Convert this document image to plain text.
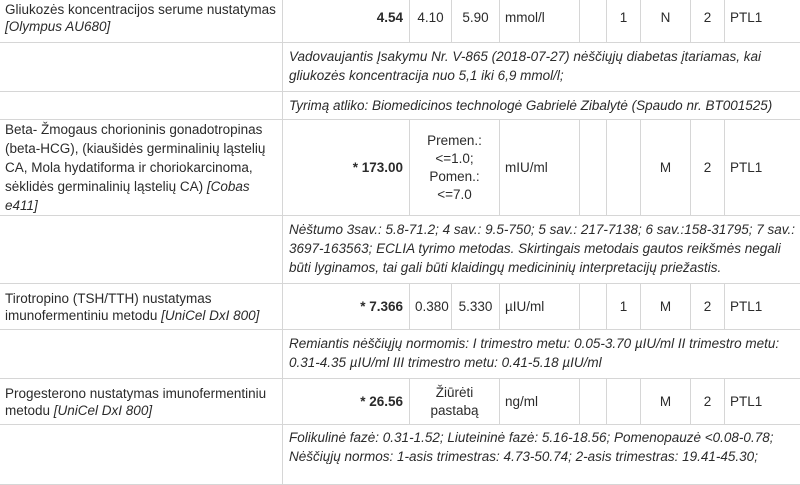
Gliukozės koncentracijos serume nustatymas [Olympus AU680]	4.54	4.10	5.90	mmol/l		1	N	2	PTL1
	Vadovaujantis Įsakymu Nr. V-865 (2018-07-27) nėščiųjų diabetas įtariamas, kai gliukozės koncentracija nuo 5,1 iki 6,9 mmol/l;								
	Tyrimą atliko: Biomedicinos technologė Gabrielė Zibalytė (Spaudo nr. BT001525)								
Beta- Žmogaus chorioninis gonadotropinas (beta-HCG), (kiaušidės germinalinių ląstelių CA, Mola hydatiforma ir choriokarcinoma, sėklidės germinalinių ląstelių CA) [Cobas e411]	* 173.00	Premen.:
<=1.0;
Pomen.:
<=7.0		mIU/ml			M	2	PTL1
	Nėštumo 3sav.: 5.8-71.2; 4 sav.: 9.5-750; 5 sav.: 217-7138; 6 sav.:158-31795; 7 sav.: 3697-163563; ECLIA tyrimo metodas. Skirtingais metodais gautos reikšmės negali būti lyginamos, tai gali būti klaidingų medicininių interpretacijų priežastis.								
Tirotropino (TSH/TTH) nustatymas imunofermentiniu metodu [UniCel DxI 800]	* 7.366	0.380	5.330	µIU/ml		1	M	2	PTL1
	Remiantis nėščiųjų normomis: I trimestro metu: 0.05-3.70 µIU/ml II trimestro metu: 0.31-4.35 µIU/ml III trimestro metu: 0.41-5.18 µIU/ml								
Progesterono nustatymas imunofermentiniu metodu [UniCel DxI 800]	* 26.56	Žiūrėti
pastabą		ng/ml			M	2	PTL1
	Folikulinė fazė: 0.31-1.52; Liuteininė fazė: 5.16-18.56; Pomenopauzė <0.08-0.78; Nėščiųjų normos: 1-asis trimestras: 4.73-50.74; 2-asis trimestras: 19.41-45.30;								
